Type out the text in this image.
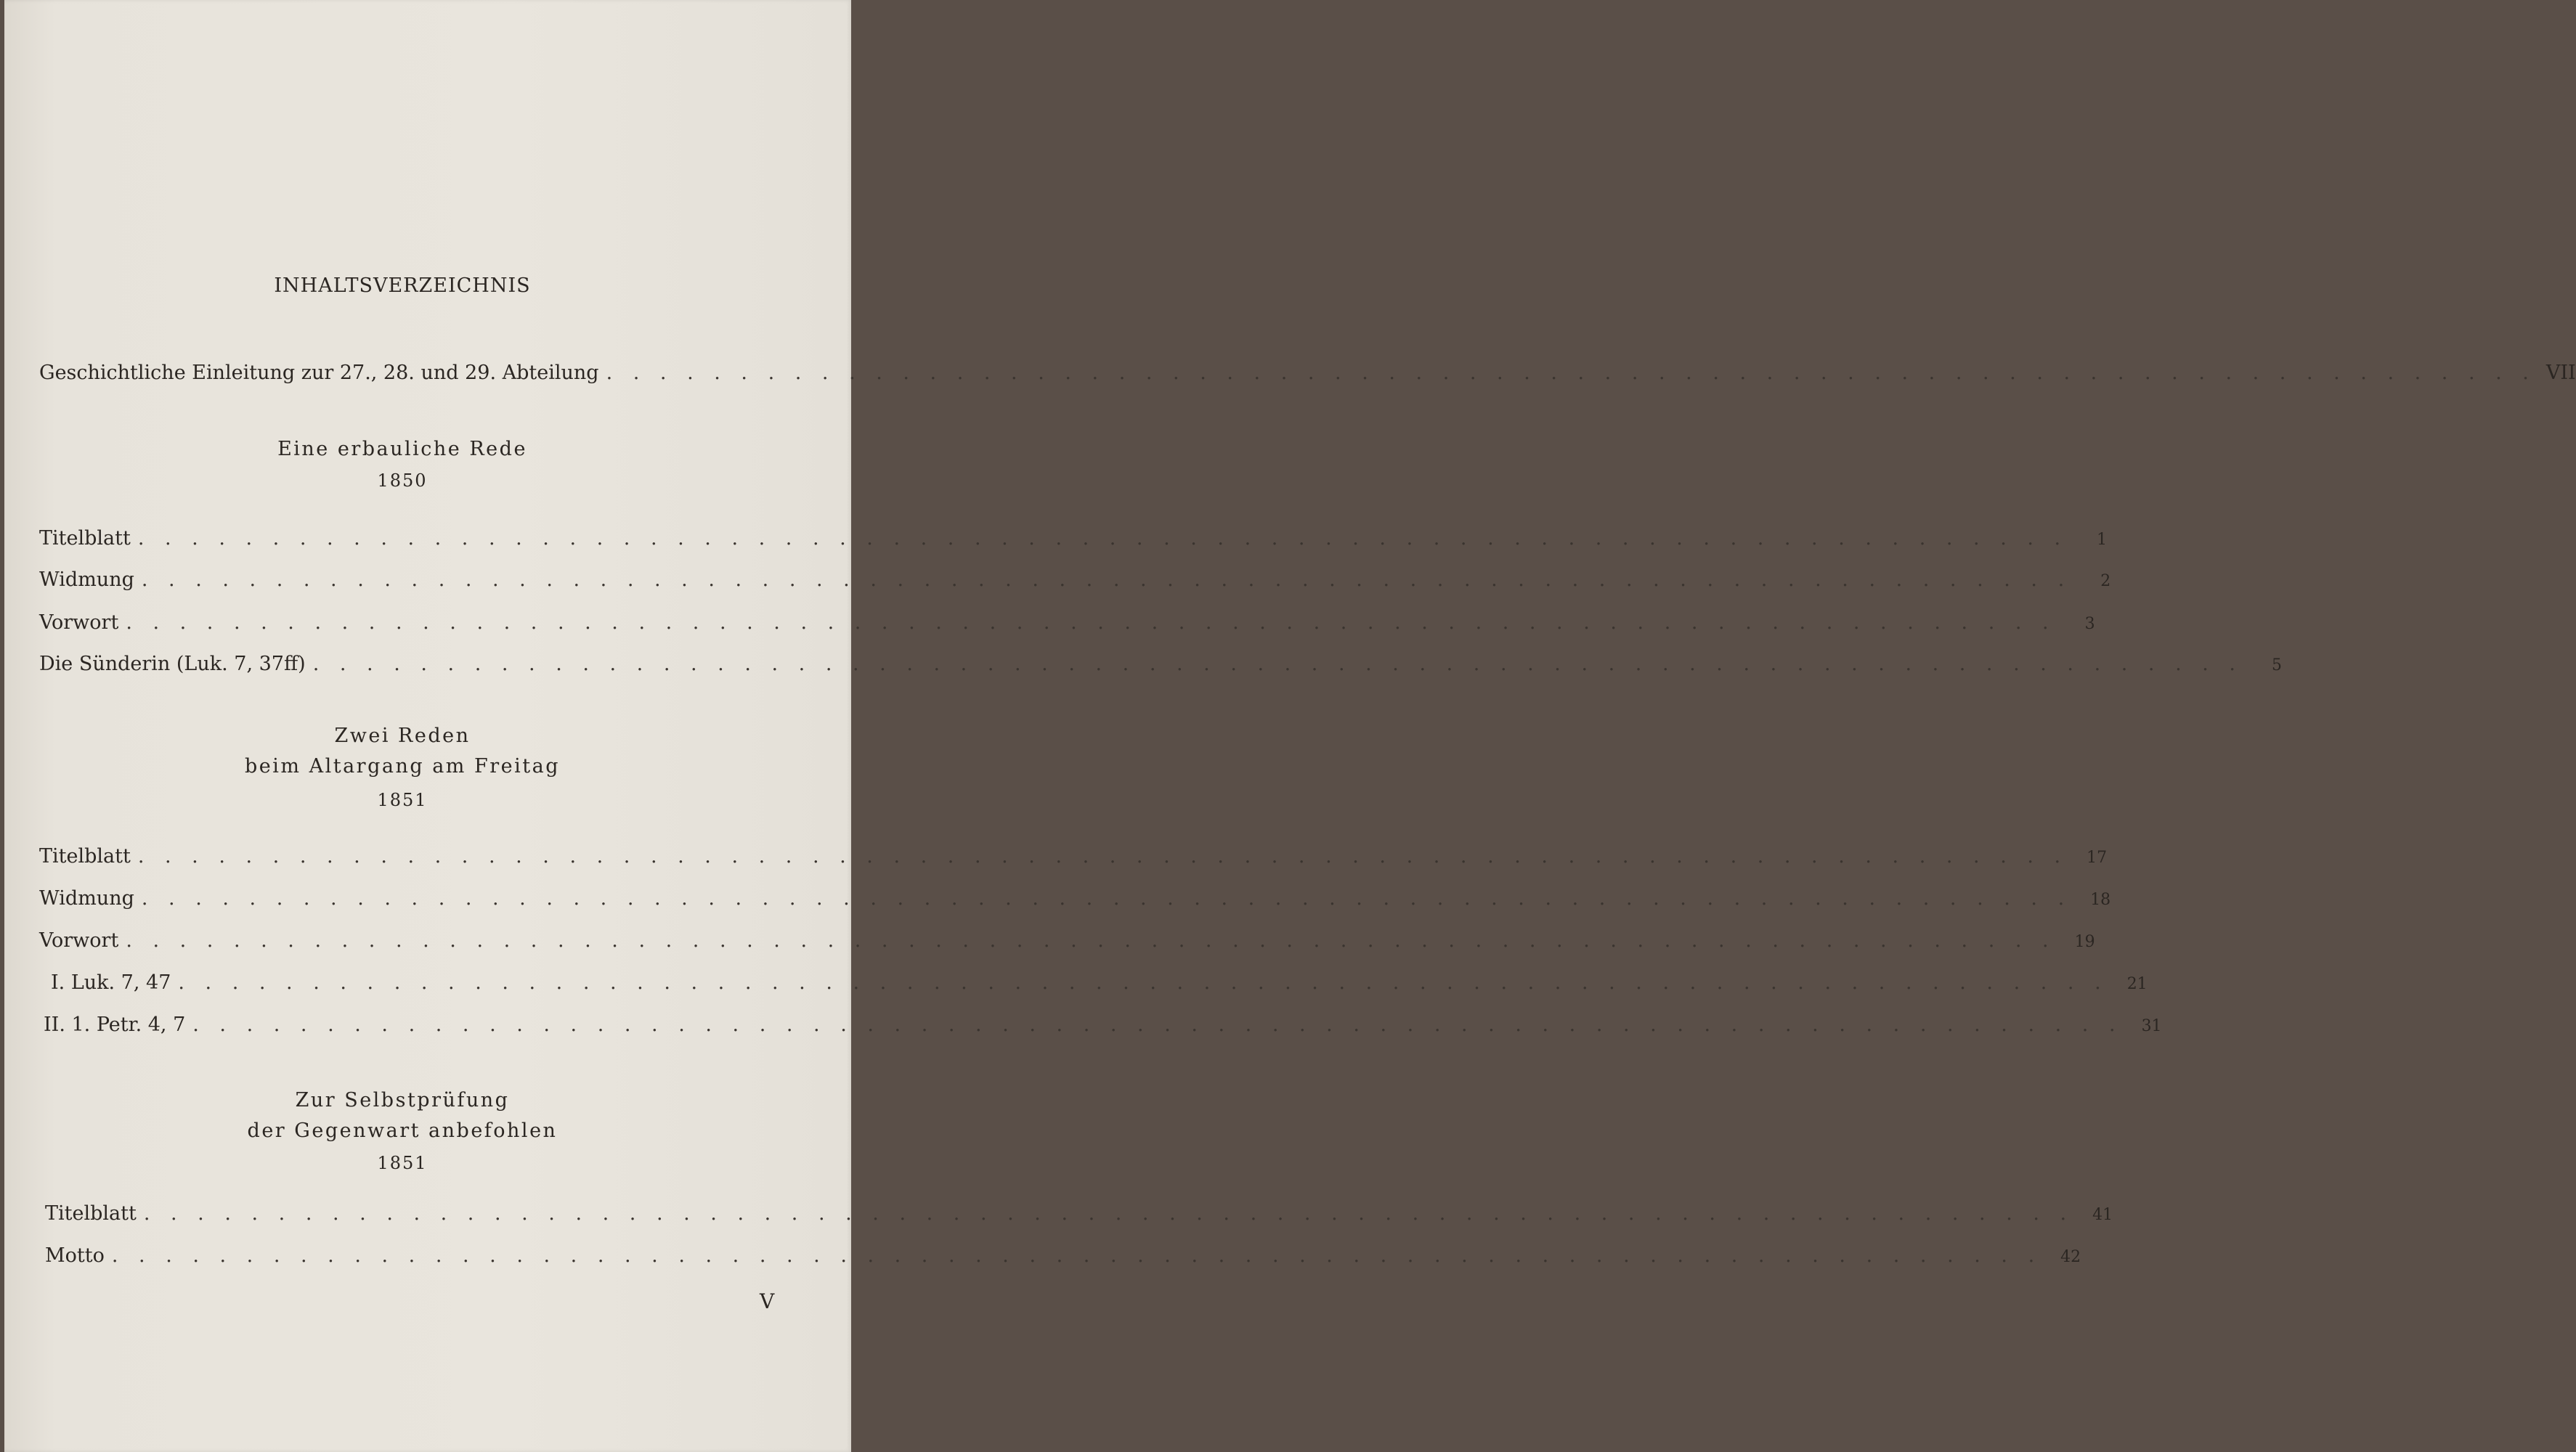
INHALTSVERZEICHNIS
Geschichtliche Einleitung zur 27., 28. und 29. Abteilung . . . . . . . . . . . . . . . . . . . . . . . . . . . . . . . . . . . . . . . . . . . . . . . . . . . . . . . . . . . . . . . . . . . . . . . . VII
Eine erbauliche Rede
1850
Titelblatt . . . . . . . . . . . . . . . . . . . . . . . . . . . . . . . . . . . . . . . . . . . . . . . . . . . . . . . . . . . . . . . . . . . . . . . .	1
Widmung . . . . . . . . . . . . . . . . . . . . . . . . . . . . . . . . . . . . . . . . . . . . . . . . . . . . . . . . . . . . . . . . . . . . . . . .	2
Vorwort . . . . . . . . . . . . . . . . . . . . . . . . . . . . . . . . . . . . . . . . . . . . . . . . . . . . . . . . . . . . . . . . . . . . . . . .	3
Die Sünderin (Luk. 7, 37ff) . . . . . . . . . . . . . . . . . . . . . . . . . . . . . . . . . . . . . . . . . . . . . . . . . . . . . . . . . . . . . . . . . . . . . . . .	5
Zwei Reden
beim Altargang am Freitag
1851
Titelblatt . . . . . . . . . . . . . . . . . . . . . . . . . . . . . . . . . . . . . . . . . . . . . . . . . . . . . . . . . . . . . . . . . . . . . . . .	17
Widmung . . . . . . . . . . . . . . . . . . . . . . . . . . . . . . . . . . . . . . . . . . . . . . . . . . . . . . . . . . . . . . . . . . . . . . . .	18
Vorwort . . . . . . . . . . . . . . . . . . . . . . . . . . . . . . . . . . . . . . . . . . . . . . . . . . . . . . . . . . . . . . . . . . . . . . . .	19
I. Luk. 7, 47 . . . . . . . . . . . . . . . . . . . . . . . . . . . . . . . . . . . . . . . . . . . . . . . . . . . . . . . . . . . . . . . . . . . . . . . .	21
II. 1. Petr. 4, 7 . . . . . . . . . . . . . . . . . . . . . . . . . . . . . . . . . . . . . . . . . . . . . . . . . . . . . . . . . . . . . . . . . . . . . . . .	31
Zur Selbstprüfung
der Gegenwart anbefohlen
1851
Titelblatt . . . . . . . . . . . . . . . . . . . . . . . . . . . . . . . . . . . . . . . . . . . . . . . . . . . . . . . . . . . . . . . . . . . . . . . .	41
Motto . . . . . . . . . . . . . . . . . . . . . . . . . . . . . . . . . . . . . . . . . . . . . . . . . . . . . . . . . . . . . . . . . . . . . . . .	42
V
